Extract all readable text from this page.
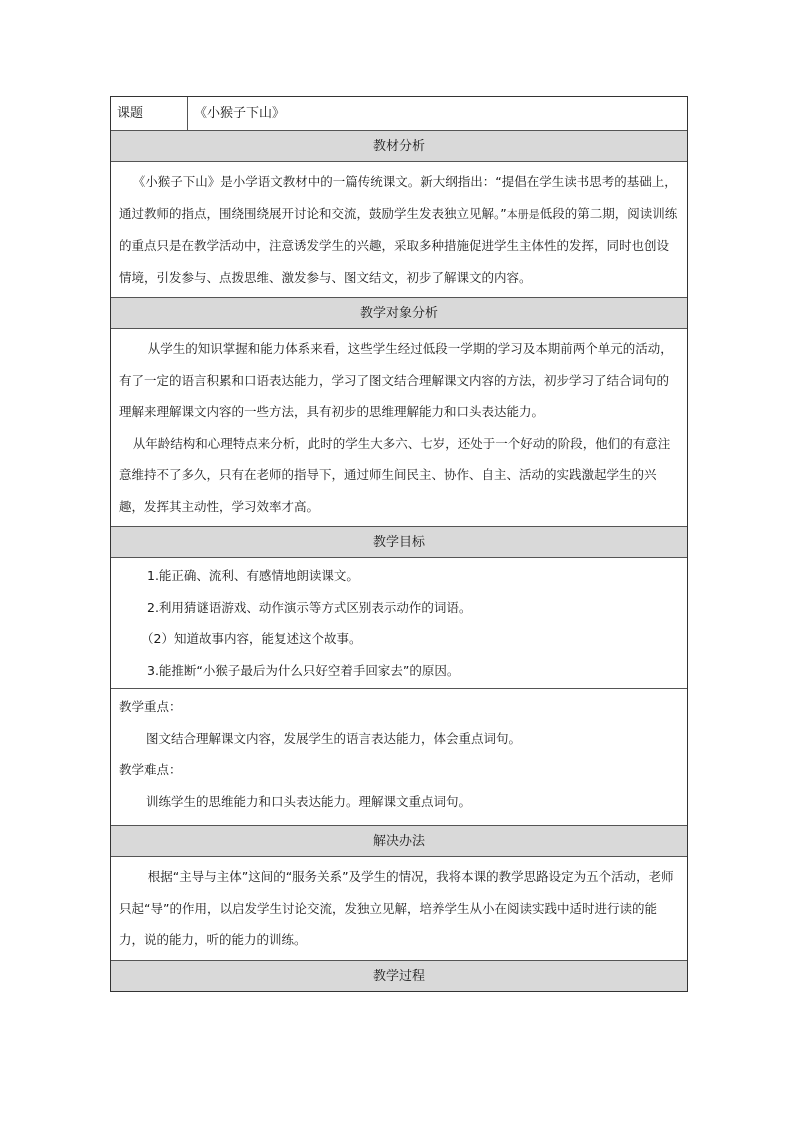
课题	《小猴子下山》
教材分析

《小猴子下山》是小学语文教材中的一篇传统课文。新大纲指出：“提倡在学生读书思考的基础上，通过教师的指点，围绕围绕展开讨论和交流，鼓励学生发表独立见解。”本册是低段的第二期，阅读训练的重点只是在教学活动中，注意诱发学生的兴趣，采取多种措施促进学生主体性的发挥，同时也创设情境，引发参与、点拨思维、激发参与、图文结文，初步了解课文的内容。

教学对象分析

从学生的知识掌握和能力体系来看，这些学生经过低段一学期的学习及本期前两个单元的活动，有了一定的语言积累和口语表达能力，学习了图文结合理解课文内容的方法，初步学习了结合词句的理解来理解课文内容的一些方法，具有初步的思维理解能力和口头表达能力。

从年龄结构和心理特点来分析，此时的学生大多六、七岁，还处于一个好动的阶段，他们的有意注意维持不了多久，只有在老师的指导下，通过师生间民主、协作、自主、活动的实践激起学生的兴趣，发挥其主动性，学习效率才高。

教学目标

1.能正确、流利、有感情地朗读课文。

2.利用猜谜语游戏、动作演示等方式区别表示动作的词语。

（2）知道故事内容，能复述这个故事。

3.能推断“小猴子最后为什么只好空着手回家去”的原因。

教学重点：

图文结合理解课文内容，发展学生的语言表达能力，体会重点词句。

教学难点：

训练学生的思维能力和口头表达能力。理解课文重点词句。

解决办法

根据“主导与主体”这间的“服务关系”及学生的情况，我将本课的教学思路设定为五个活动，老师只起“导”的作用，以启发学生讨论交流，发独立见解，培养学生从小在阅读实践中适时进行读的能力，说的能力，听的能力的训练。

教学过程
